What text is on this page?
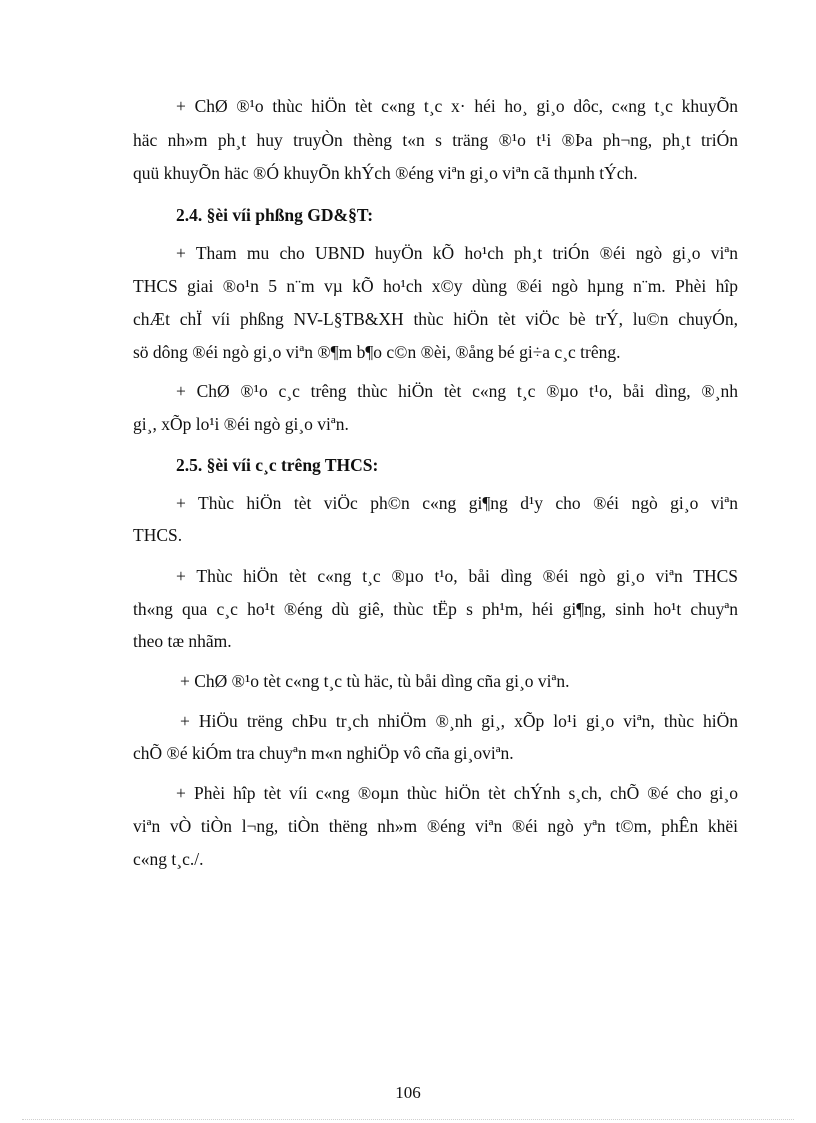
+ ChØ ®¹o thùc hiÖn tèt c«ng t¸c x· héi ho¸ gi¸o dôc, c«ng t¸c khuyÕn
häc nh»m ph¸t huy truyÒn thèng t«n s träng ®¹o t¹i ®Þa ph¬ng, ph¸t triÓn
quü khuyÕn häc ®Ó khuyÕn khÝch ®éng viªn gi¸o viªn cã thµnh tÝch.
2.4. §èi víi phßng GD&§T:
+ Tham mu cho UBND huyÖn kÕ ho¹ch ph¸t triÓn ®éi ngò gi¸o viªn
THCS giai ®o¹n 5 n¨m vµ kÕ ho¹ch x©y dùng ®éi ngò hµng n¨m. Phèi hîp
chÆt chÏ víi phßng NV-L§TB&XH thùc hiÖn tèt viÖc bè trÝ, lu©n chuyÓn,
sö dông ®éi ngò gi¸o viªn ®¶m b¶o c©n ®èi, ®ång bé gi÷a c¸c trêng.
+ ChØ ®¹o c¸c trêng thùc hiÖn tèt c«ng t¸c ®µo t¹o, båi dìng, ®¸nh
gi¸, xÕp lo¹i ®éi ngò gi¸o viªn.
2.5. §èi víi c¸c trêng THCS:
+ Thùc hiÖn tèt viÖc ph©n c«ng gi¶ng d¹y cho ®éi ngò gi¸o viªn
THCS.
+ Thùc hiÖn tèt c«ng t¸c ®µo t¹o, båi dìng ®éi ngò gi¸o viªn THCS
th«ng qua c¸c ho¹t ®éng dù giê, thùc tËp s ph¹m, héi gi¶ng, sinh ho¹t chuyªn
theo tæ nhãm.
+ ChØ ®¹o tèt c«ng t¸c tù häc, tù båi dìng cña gi¸o viªn.
+ HiÖu trëng chÞu tr¸ch nhiÖm ®¸nh gi¸, xÕp lo¹i gi¸o viªn, thùc hiÖn
chÕ ®é kiÓm tra chuyªn m«n nghiÖp vô cña gi¸oviªn.
+ Phèi hîp tèt víi c«ng ®oµn thùc hiÖn tèt chÝnh s¸ch, chÕ ®é cho gi¸o
viªn vÒ tiÒn l¬ng, tiÒn thëng nh»m ®éng viªn ®éi ngò yªn t©m, phÊn khëi
c«ng t¸c./.
106
